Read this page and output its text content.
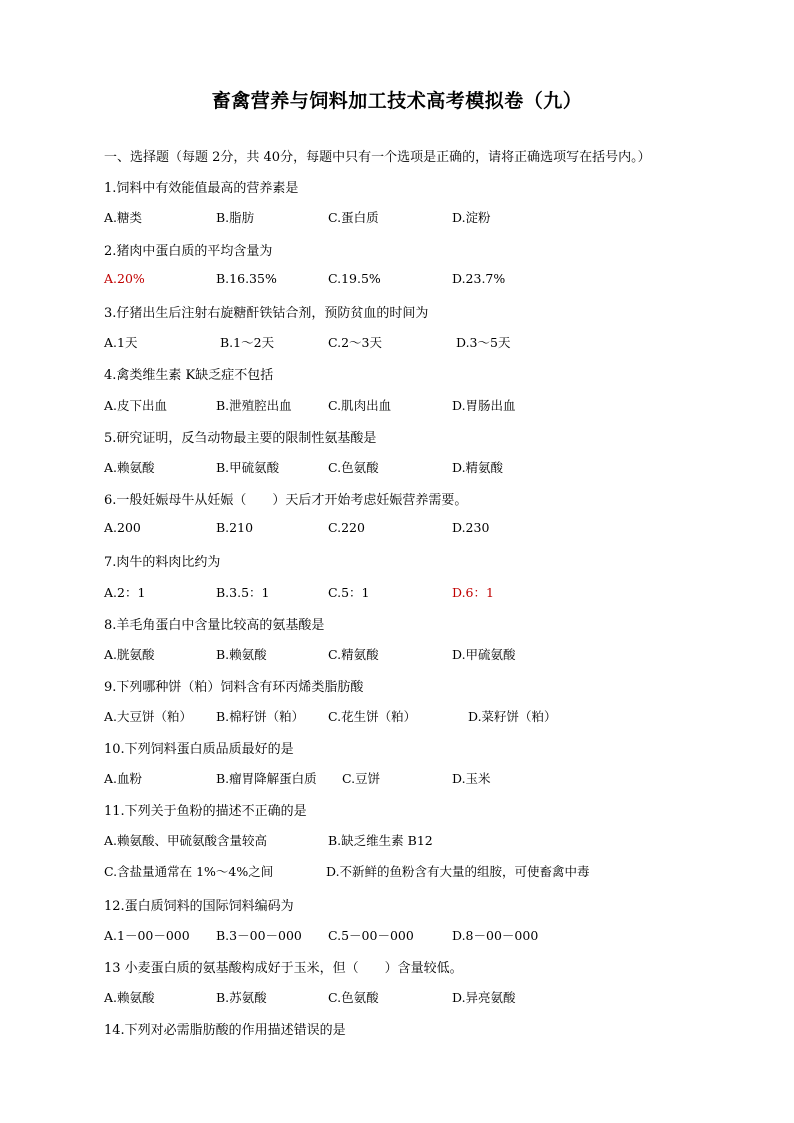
畜禽营养与饲料加工技术高考模拟卷（九）
一、选择题（每题 2分，共 40分，每题中只有一个选项是正确的，请将正确选项写在括号内。）
1.饲料中有效能值最高的营养素是
A.糖类	B.脂肪	C.蛋白质	D.淀粉
2.猪肉中蛋白质的平均含量为
A.20%	B.16.35%	C.19.5%	D.23.7%
3.仔猪出生后注射右旋糖酐铁钴合剂，预防贫血的时间为
A.1天	B.1～2天	C.2～3天	D.3～5天
4.禽类维生素 K缺乏症不包括
A.皮下出血	B.泄殖腔出血	C.肌肉出血	D.胃肠出血
5.研究证明，反刍动物最主要的限制性氨基酸是
A.赖氨酸	B.甲硫氨酸	C.色氨酸	D.精氨酸
6.一般妊娠母牛从妊娠（　　）天后才开始考虑妊娠营养需要。
A.200	B.210	C.220	D.230
7.肉牛的料肉比约为
A.2：1	B.3.5：1	C.5：1	D.6：1
8.羊毛角蛋白中含量比较高的氨基酸是
A.胱氨酸	B.赖氨酸	C.精氨酸	D.甲硫氨酸
9.下列哪种饼（粕）饲料含有环丙烯类脂肪酸
A.大豆饼（粕） B.棉籽饼（粕） C.花生饼（粕）	D.菜籽饼（粕）
10.下列饲料蛋白质品质最好的是
A.血粉	B.瘤胃降解蛋白质 C.豆饼	D.玉米
11.下列关于鱼粉的描述不正确的是
A.赖氨酸、甲硫氨酸含量较高	B.缺乏维生素 B12
C.含盐量通常在 1%～4%之间	D.不新鲜的鱼粉含有大量的组胺，可使畜禽中毒
12.蛋白质饲料的国际饲料编码为
A.1－00－000 B.3－00－000 C.5－00－000	D.8－00－000
13 小麦蛋白质的氨基酸构成好于玉米，但（　　）含量较低。
A.赖氨酸	B.苏氨酸	C.色氨酸	D.异亮氨酸
14.下列对必需脂肪酸的作用描述错误的是
